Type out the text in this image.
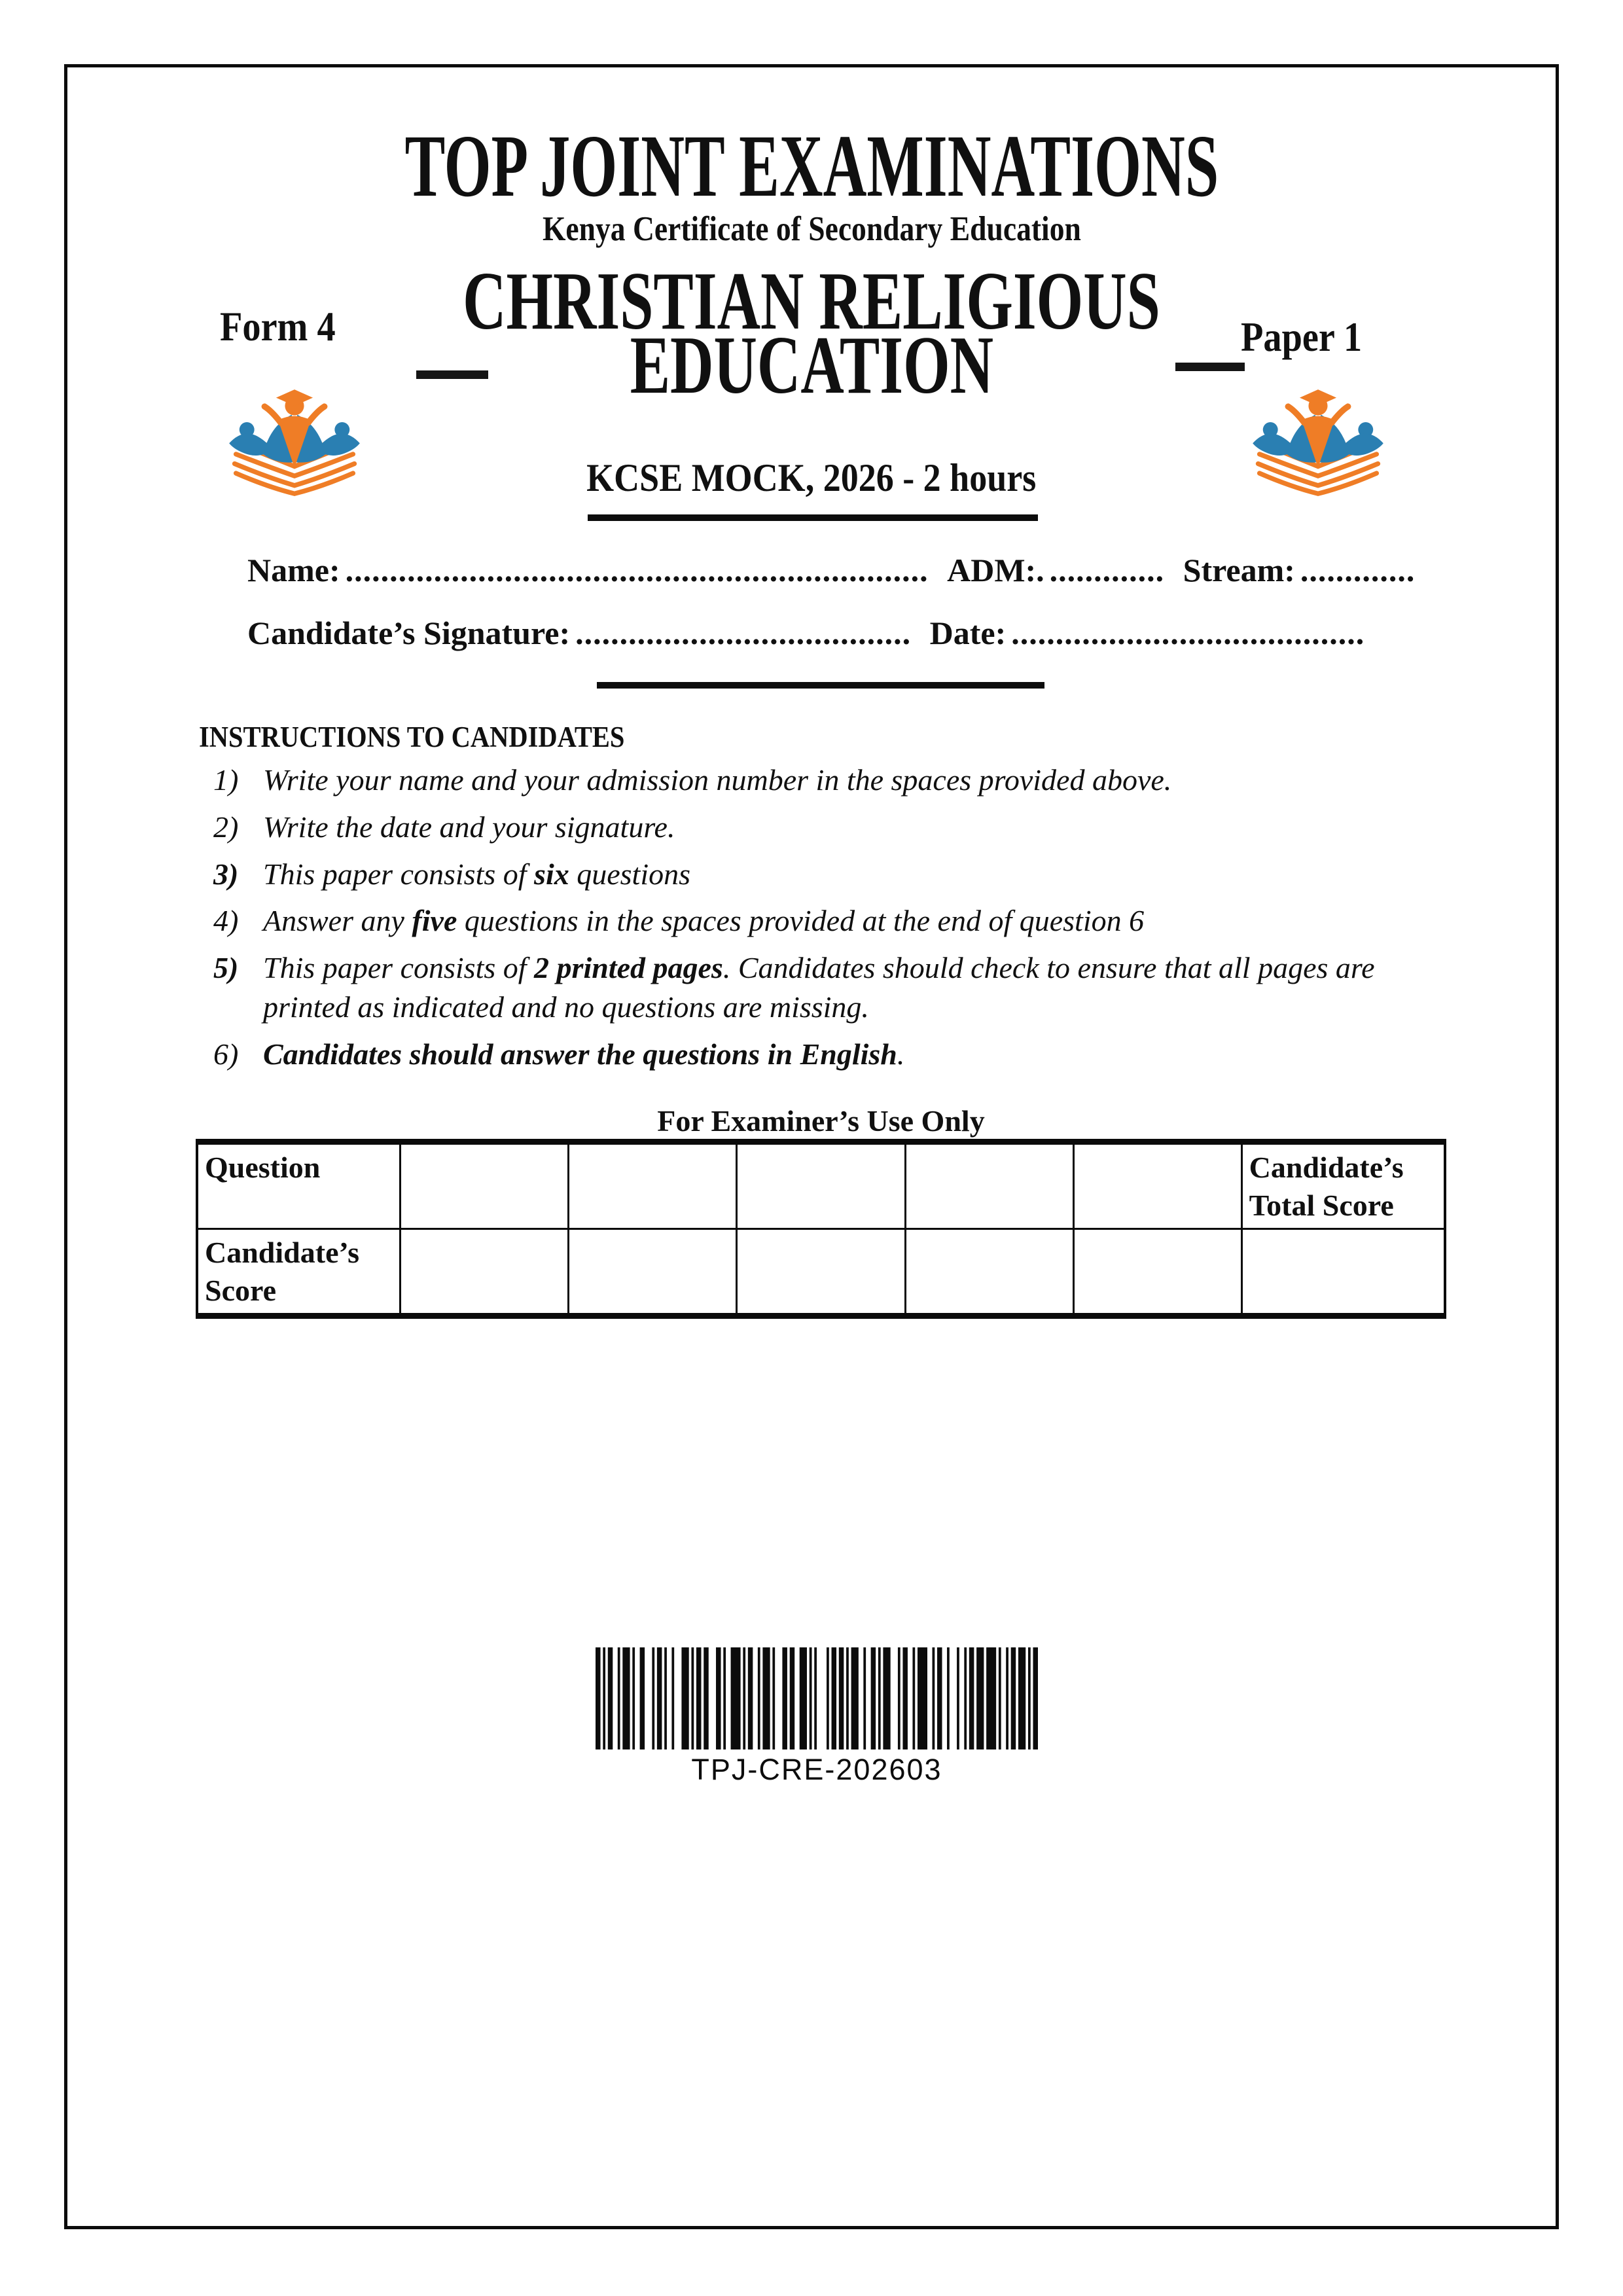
TOP JOINT EXAMINATIONS
Kenya Certificate of Secondary Education
Form 4	CHRISTIAN RELIGIOUS
EDUCATION	Paper 1
KCSE MOCK, 2026 - 2 hours
Name: .................................................................. ADM:. ............. Stream: .............
Candidate’s Signature: ...................................... Date: ........................................
INSTRUCTIONS TO CANDIDATES
1) Write your name and your admission number in the spaces provided above.
2) Write the date and your signature.
3) This paper consists of six questions
4) Answer any five questions in the spaces provided at the end of question 6
5) This paper consists of 2 printed pages. Candidates should check to ensure that all pages are printed as indicated and no questions are missing.
6) Candidates should answer the questions in English.
For Examiner’s Use Only
Question						Candidate’s Total Score
Candidate’s Score						
TPJ-CRE-202603
